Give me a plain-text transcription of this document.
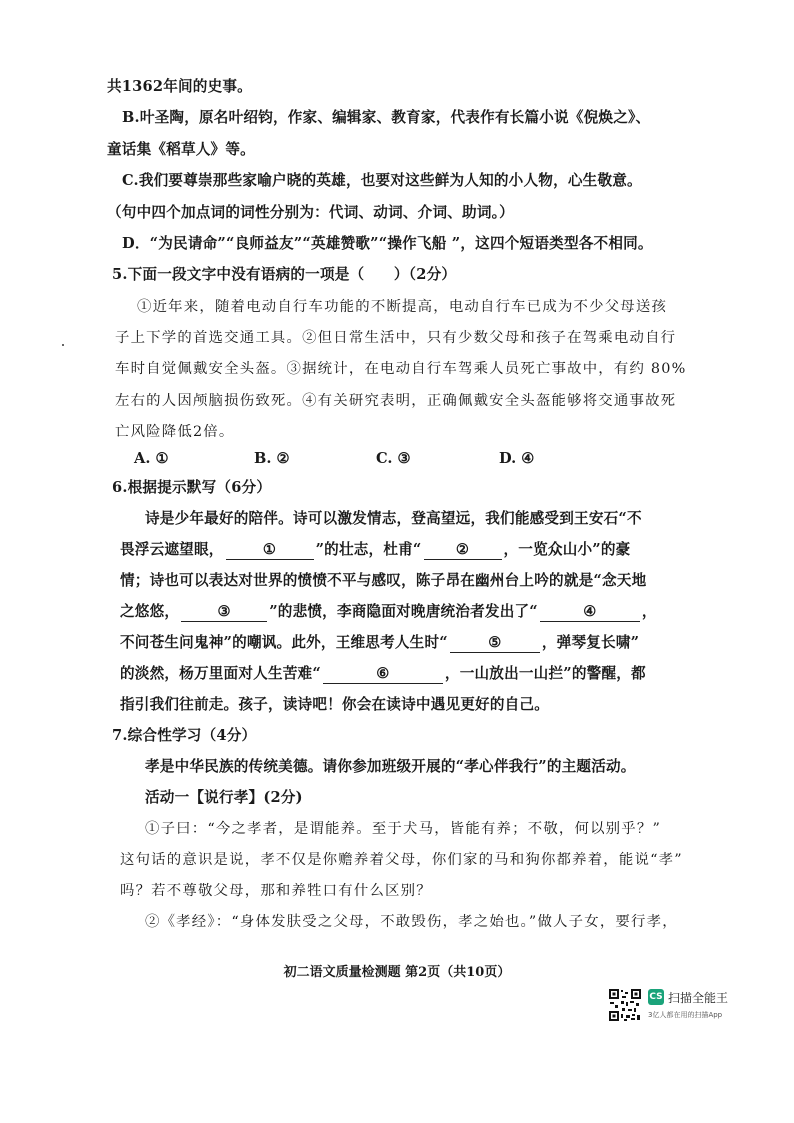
共1362年间的史事。
B.叶圣陶，原名叶绍钧，作家、编辑家、教育家，代表作有长篇小说《倪焕之》、
童话集《稻草人》等。
C.我们要尊崇那些家喻户晓的英雄，也要对这些鲜为人知的小人物，心生敬意。
（句中四个加点词的词性分别为：代词、动词、介词、助词。）
D．“为民请命”“良师益友”“英雄赞歌”“操作飞船 ”，这四个短语类型各不相同。
5.下面一段文字中没有语病的一项是（　　）（2分）
①近年来，随着电动自行车功能的不断提高，电动自行车已成为不少父母送孩
子上下学的首选交通工具。②但日常生活中，只有少数父母和孩子在驾乘电动自行
车时自觉佩戴安全头盔。③据统计，在电动自行车驾乘人员死亡事故中，有约 80%
左右的人因颅脑损伤致死。④有关研究表明，正确佩戴安全头盔能够将交通事故死
亡风险降低2倍。
A. ①	B. ②	C. ③	D. ④
6.根据提示默写（6分）
诗是少年最好的陪伴。诗可以激发情志，登高望远，我们能感受到王安石“不
畏浮云遮望眼，	①	”的壮志，杜甫“ ② ，一览众山小”的豪
情；诗也可以表达对世界的愤愤不平与感叹，陈子昂在幽州台上吟的就是“念天地
之悠悠，	③	”的悲愤，李商隐面对晚唐统治者发出了“	④	，
不问苍生问鬼神”的嘲讽。此外，王维思考人生时“	⑤	，弹琴复长啸”
的淡然，杨万里面对人生苦难“	⑥	，一山放出一山拦”的警醒，都
指引我们往前走。孩子，读诗吧！你会在读诗中遇见更好的自己。
7.综合性学习（4分）
孝是中华民族的传统美德。请你参加班级开展的“孝心伴我行”的主题活动。
活动一【说行孝】(2分)
①子曰：“今之孝者，是谓能养。至于犬马，皆能有养；不敬，何以别乎？”
这句话的意识是说，孝不仅是你赡养着父母，你们家的马和狗你都养着，能说“孝”
吗？若不尊敬父母，那和养牲口有什么区别？
②《孝经》：“身体发肤受之父母，不敢毁伤，孝之始也。”做人子女，要行孝，
初二语文质量检测题 第2页（共10页）
CS 扫描全能王
3亿人都在用的扫描App
